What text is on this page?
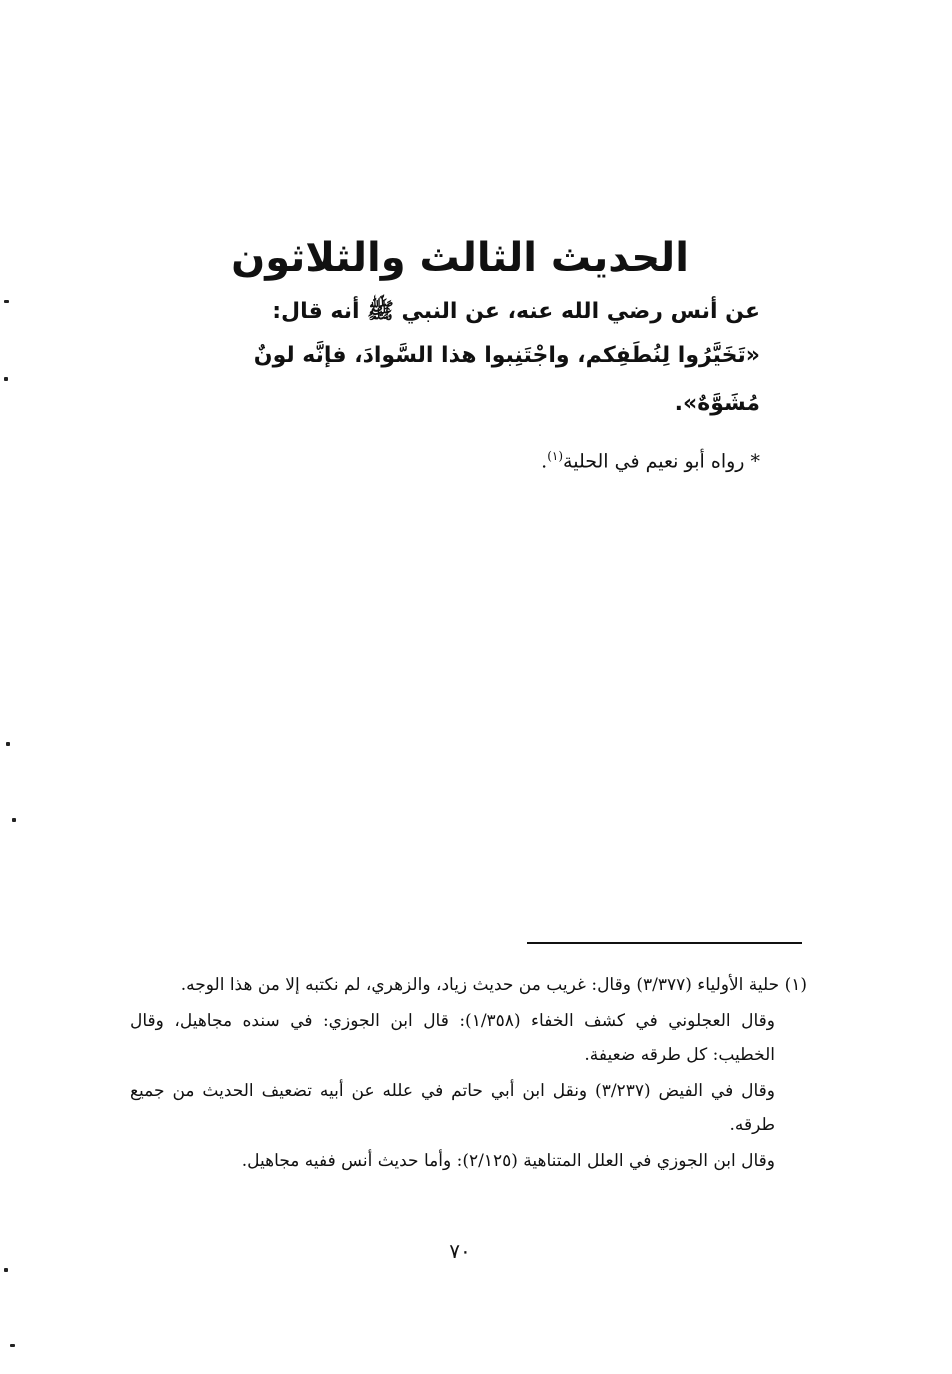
الحديث الثالث والثلاثون
عن أنس رضي الله عنه، عن النبي ﷺ أنه قال:
«تَخَيَّرُوا لِنُطَفِكم، واجْتَنِبوا هذا السَّوادَ، فإنَّه لونٌ مُشَوَّهٌ».
* رواه أبو نعيم في الحلية$^{(١)}$.

(١) حلية الأولياء (٣/٣٧٧) وقال: غريب من حديث زياد، والزهري، لم نكتبه إلا من هذا الوجه.

وقال العجلوني في كشف الخفاء (١/٣٥٨): قال ابن الجوزي: في سنده مجاهيل، وقال الخطيب: كل طرقه ضعيفة.

وقال في الفيض (٣/٢٣٧) ونقل ابن أبي حاتم في علله عن أبيه تضعيف الحديث من جميع طرقه.

وقال ابن الجوزي في العلل المتناهية (٢/١٢٥): وأما حديث أنس ففيه مجاهيل.

٧٠
